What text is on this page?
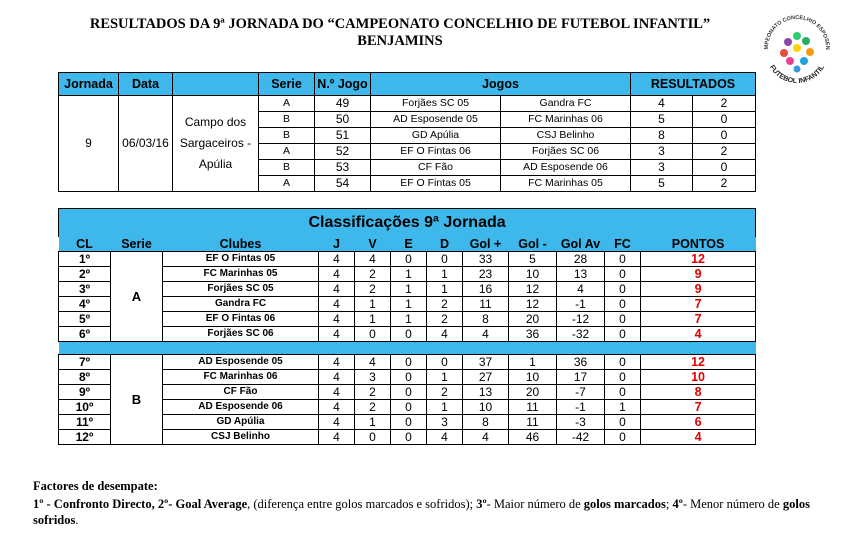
RESULTADOS DA 9ª JORNADA DO “CAMPEONATO CONCELHIO DE FUTEBOL INFANTIL”
BENJAMINS	MPEONATO CONCELHIO ESPOSEN
FUTEBOL INFANTIL
Jornada	Data		Serie	N.º Jogo	Jogos		RESULTADOS	
9	06/03/16	Campo dos Sargaceiros - Apúlia	A	49	Forjães SC 05	Gandra FC	4	2
			B	50	AD Esposende 05	FC Marinhas 06	5	0
			B	51	GD Apúlia	CSJ Belinho	8	0
			A	52	EF O Fintas 06	Forjães SC 06	3	2
			B	53	CF Fão	AD Esposende 06	3	0
			A	54	EF O Fintas 05	FC Marinhas 05	5	2
Classificações 9ª Jornada											
CL	Serie	Clubes	J	V	E	D	Gol +	Gol -	Gol Av	FC	PONTOS
1º	A	EF O Fintas 05	4	4	0	0	33	5	28	0	12
2º		FC Marinhas 05	4	2	1	1	23	10	13	0	9
3º		Forjães SC 05	4	2	1	1	16	12	4	0	9
4º		Gandra FC	4	1	1	2	11	12	-1	0	7
5º		EF O Fintas 06	4	1	1	2	8	20	-12	0	7
6º		Forjães SC 06	4	0	0	4	4	36	-32	0	4

7º	B	AD Esposende 05	4	4	0	0	37	1	36	0	12
8º		FC Marinhas 06	4	3	0	1	27	10	17	0	10
9º		CF Fão	4	2	0	2	13	20	-7	0	8
10º		AD Esposende 06	4	2	0	1	10	11	-1	1	7
11º		GD Apúlia	4	1	0	3	8	11	-3	0	6
12º		CSJ Belinho	4	0	0	4	4	46	-42	0	4
Factores de desempate:
1º - Confronto Directo, 2º- Goal Average, (diferença entre golos marcados e sofridos); 3º- Maior número de golos marcados; 4º- Menor número de golos sofridos.
